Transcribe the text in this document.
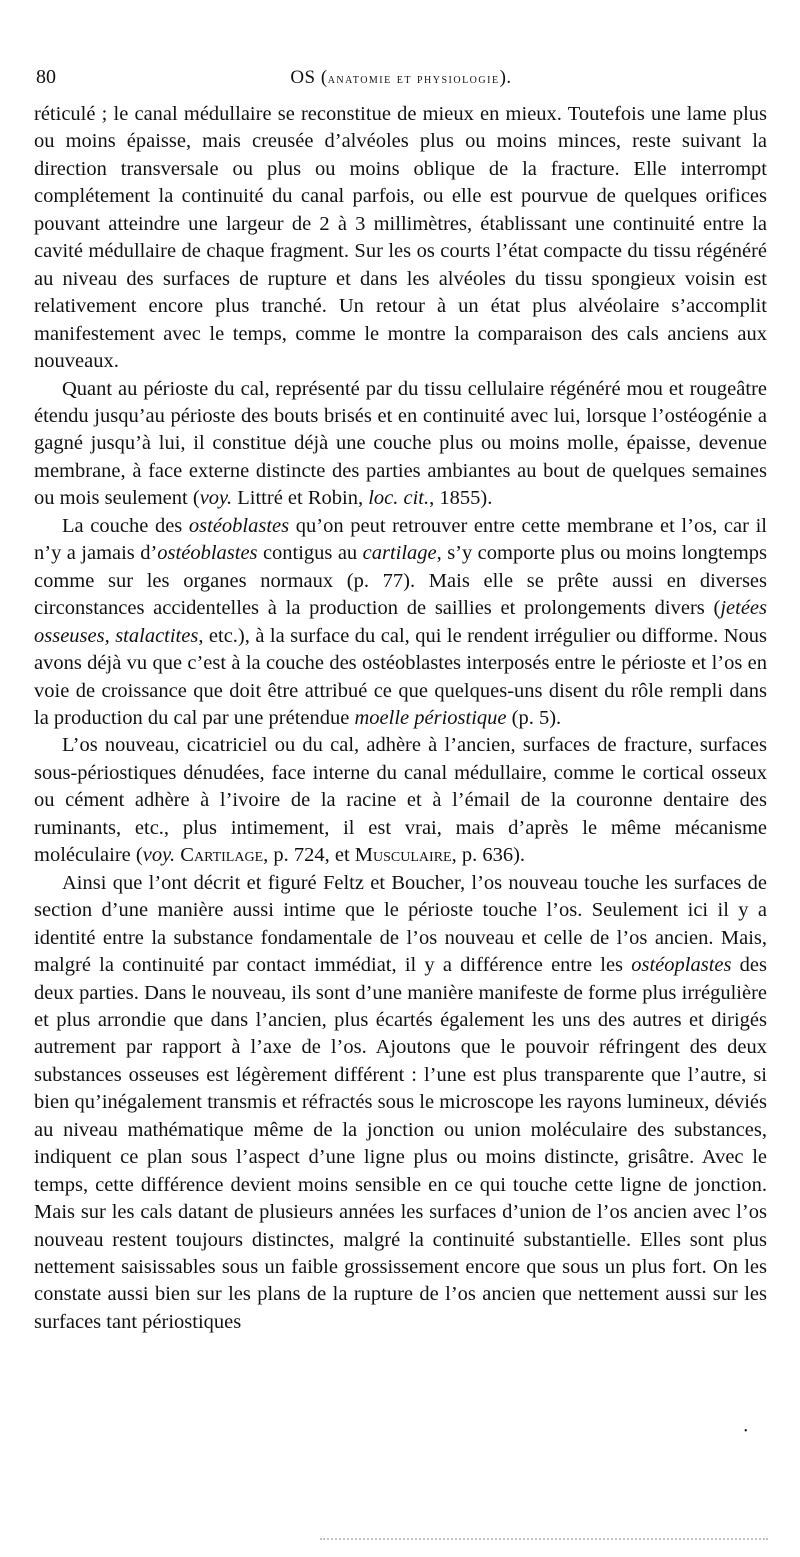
80	OS (anatomie et physiologie).

réticulé ; le canal médullaire se reconstitue de mieux en mieux. Toutefois une lame plus ou moins épaisse, mais creusée d’alvéoles plus ou moins minces, reste suivant la direction transversale ou plus ou moins oblique de la fracture. Elle interrompt complétement la continuité du canal parfois, ou elle est pourvue de quelques orifices pouvant atteindre une largeur de 2 à 3 millimètres, établissant une continuité entre la cavité médullaire de chaque fragment. Sur les os courts l’état compacte du tissu régénéré au niveau des surfaces de rupture et dans les alvéoles du tissu spongieux voisin est relativement encore plus tranché. Un retour à un état plus alvéolaire s’accomplit manifestement avec le temps, comme le montre la comparaison des cals anciens aux nouveaux.

Quant au périoste du cal, représenté par du tissu cellulaire régénéré mou et rougeâtre étendu jusqu’au périoste des bouts brisés et en continuité avec lui, lorsque l’ostéogénie a gagné jusqu’à lui, il constitue déjà une couche plus ou moins molle, épaisse, devenue membrane, à face externe distincte des parties ambiantes au bout de quelques semaines ou mois seulement (voy. Littré et Robin, loc. cit., 1855).

La couche des ostéoblastes qu’on peut retrouver entre cette membrane et l’os, car il n’y a jamais d’ostéoblastes contigus au cartilage, s’y comporte plus ou moins longtemps comme sur les organes normaux (p. 77). Mais elle se prête aussi en diverses circonstances accidentelles à la production de saillies et prolongements divers (jetées osseuses, stalactites, etc.), à la surface du cal, qui le rendent irrégulier ou difforme. Nous avons déjà vu que c’est à la couche des ostéoblastes interposés entre le périoste et l’os en voie de croissance que doit être attribué ce que quelques-uns disent du rôle rempli dans la production du cal par une prétendue moelle périostique (p. 5).

L’os nouveau, cicatriciel ou du cal, adhère à l’ancien, surfaces de fracture, surfaces sous-périostiques dénudées, face interne du canal médullaire, comme le cortical osseux ou cément adhère à l’ivoire de la racine et à l’émail de la couronne dentaire des ruminants, etc., plus intimement, il est vrai, mais d’après le même mécanisme moléculaire (voy. Cartilage, p. 724, et Musculaire, p. 636).

Ainsi que l’ont décrit et figuré Feltz et Boucher, l’os nouveau touche les surfaces de section d’une manière aussi intime que le périoste touche l’os. Seulement ici il y a identité entre la substance fondamentale de l’os nouveau et celle de l’os ancien. Mais, malgré la continuité par contact immédiat, il y a différence entre les ostéoplastes des deux parties. Dans le nouveau, ils sont d’une manière manifeste de forme plus irrégulière et plus arrondie que dans l’ancien, plus écartés également les uns des autres et dirigés autrement par rapport à l’axe de l’os. Ajoutons que le pouvoir réfringent des deux substances osseuses est légèrement différent : l’une est plus transparente que l’autre, si bien qu’inégalement transmis et réfractés sous le microscope les rayons lumineux, déviés au niveau mathématique même de la jonction ou union moléculaire des substances, indiquent ce plan sous l’aspect d’une ligne plus ou moins distincte, grisâtre. Avec le temps, cette différence devient moins sensible en ce qui touche cette ligne de jonction. Mais sur les cals datant de plusieurs années les surfaces d’union de l’os ancien avec l’os nouveau restent toujours distinctes, malgré la continuité substantielle. Elles sont plus nettement saisissables sous un faible grossissement encore que sous un plus fort. On les constate aussi bien sur les plans de la rupture de l’os ancien que nettement aussi sur les surfaces tant périostiques

•
